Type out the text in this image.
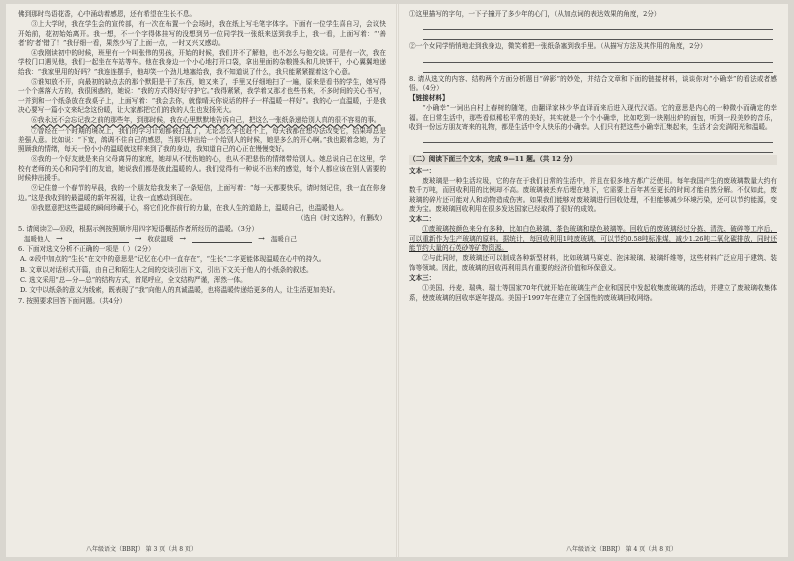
佛到那时鸟语花香，心中涌动着感恩，还有希望在生长不息。

③上大学时，我在学生会的宣传部，有一次在布置一个会场时，我在纸上写毛笔字体字。下面有一位学生喜自习，会议快开始前，花初始始离开。我一想，不一个字得体挂写的没想到另一位同学找一张纸来送到我手上，我一看，上面写着：“'善者'的'者'错了！”我仔细一看，果然少写了上面一点，一时又兴又感动。

④我刚读初中的时候，班里有一个叫张伟的男孩，开始的时候，我们并不了解他，也不怎么与他交谈。可是有一次，我在学校门口遇见他，我们一起坐在车站等车。他在我身边一个小心地打开口袋，拿出里面的杂粮馒头和几块饼干，小心翼翼地递给我：“我家里用的好吗？”我连连摆手，他却笑一个劲儿地塞给我，我不知道说了什么，我只能紧紧握着这个心意。

⑤谁知放不开，向最初的缺点去的那个默阳是干了东西，她又来了，手里又仔细地扫了一遍，原来是看书的学生，她写得一个个落落大方的，我很困惑的，她说：“我的方式得好好守护它。”我得紧紧，我学着又那才也些书来，不多时间的关心书写，一并到和一个纸条放在我桌子上，上面写着：“我会去你，就像晴天你说话的样子一样温暖一样好”。我的心一直温暖，于是我决心要写一篇小文来纪念这份暖，让大家都把它们的我的人生也发扬光大。

⑥我永远不会忘记我之前的那些年，到那时候，我在心里默默地告诉自己，把这么一张纸条递给别人真的很不容易的事。

⑦曾经在一个时期的境况上，我们的学习计划都被打乱了，无论怎么学也赶不上，每天我都在想办法改变它，结果却总是差强人意。比如说：“下宽，鸽调不住自己的感恩，当那只伸出给一个给别人的时候，她是多么的开心啊。”我也跟着念她，为了照顾我的情绪，每天一份小小的温暖就这样来到了我的身边，我知道自己的心正在慢慢变好。

⑧我的一个好友就是来自父母离异的家庭，她却从不忧伤她的心，也从不把悲伤的情绪带给别人。她总说自己在这里，学校有老师的关心和同学们的友谊，她说我们都是彼此温暖的人。我们觉得有一种说不出来的感觉，每个人都应该在别人需要的时候伸出援手。

⑨记住曾一个春节的早晨，我的一个朋友给我发来了一条短信，上面写着：“每一天都要快乐，请时刻记住，我一直在你身边。”这是我收到的最温暖的新年祝福，让我一直感动到现在。

⑩我愿意把这些温暖的瞬间珍藏于心，将它们化作前行的力量，在我人生的道路上，温暖自己，也温暖他人。

（选自《时文选粹》，有删改）

5. 请阅读②—⑩段，根据示例按照顺序用四字短语概括作者所经历的温暖。（3分）

温暖他人 →	→ 收获温暖 →	→ 温暖自己

6. 下面对选文分析不正确的一项是（ ）（2分）

A. ②段中加点的“生长”在文中的意思是“记忆在心中一直存在”，“生长”二字更能体现温暖在心中的持久。

B. 文章以对话形式开篇，由自己和陌生人之间的交谈引出下文，引出下文关于他人的小纸条的叙述。

C. 选文采用“总—分—总”的结构方式，首尾呼应，全文结构严谨，浑然一体。

D. 文中以纸条的意义为线索，既表现了“我”向他人的真诚温暖，也将温暖传递给更多的人，让生活更加美好。

7. 按照要求回答下面问题。（共4分）

①这里描写的字句，一下子撞开了多少年的心门，（从加点词的表达效果的角度，2分）

②一个女同学悄悄地走到我身边，微笑着把一张纸条塞到我手里。（从描写方法及其作用的角度，2分）

8. 请从选文的内容、结构两个方面分析题目“碎影”的妙处，并结合文章和下面的链接材料，谈谈你对“小确幸”的看法或者感悟。（4分）

【链接材料】

“小确幸”一词出自村上春树的随笔，由翻译家林少华直译而来后进入现代汉语。它的意思是内心的一种微小而确定的幸福。在日常生活中，那些看似稀松平常的美好，其实就是一个个小确幸，比如吃到一块刚出炉的面包，听到一段美妙的音乐，收到一份远方朋友寄来的礼物，都是生活中令人快乐的小确幸。人们只有把这些小确幸汇集起来，生活才会充满阳光和温暖。

（二）阅读下面三个文本，完成 9—11 题。（共 12 分）

文本一：

废玻璃是一种生活垃圾，它的存在于我们日常的生活中，并且在很多地方都广泛使用。每年我国产生的废玻璃数量大约有数千万吨，而回收利用的比例却不高。废玻璃被丢弃后埋在地下，它需要上百年甚至更长的时间才能自然分解。不仅如此，废玻璃的碎片还可能对人和动物造成伤害。如果我们能够对废玻璃进行回收处理，不但能够减少环境污染，还可以节约能源，变废为宝。废玻璃回收利用在很多发达国家已经取得了很好的成效。

文本二：

①废玻璃按颜色来分有多种，比如白色玻璃、茶色玻璃和绿色玻璃等。回收后的废玻璃经过分拣、清洗、破碎等工序后，可以重新作为生产玻璃的原料。据统计，每回收利用1吨废玻璃，可以节约0.58吨标准煤，减少1.26吨二氧化碳排放，同时还能节约大量的石英砂等矿物资源。

②与此同时，废玻璃还可以制成各种新型材料，比如玻璃马赛克、泡沫玻璃、玻璃纤维等，这些材料广泛应用于建筑、装饰等领域。因此，废玻璃的回收再利用具有重要的经济价值和环保意义。

文本三：

①美国、丹麦、瑞典、瑞士等国家70年代就开始在玻璃生产企业和国民中发起收集废玻璃的活动，并建立了废玻璃收集体系，使废玻璃的回收率逐年提高。美国于1997年在建立了全国性的废玻璃回收网络。

八年级语文（BBRJ） 第 3 页（共 8 页）	八年级语文（BBRJ） 第 4 页（共 8 页）
